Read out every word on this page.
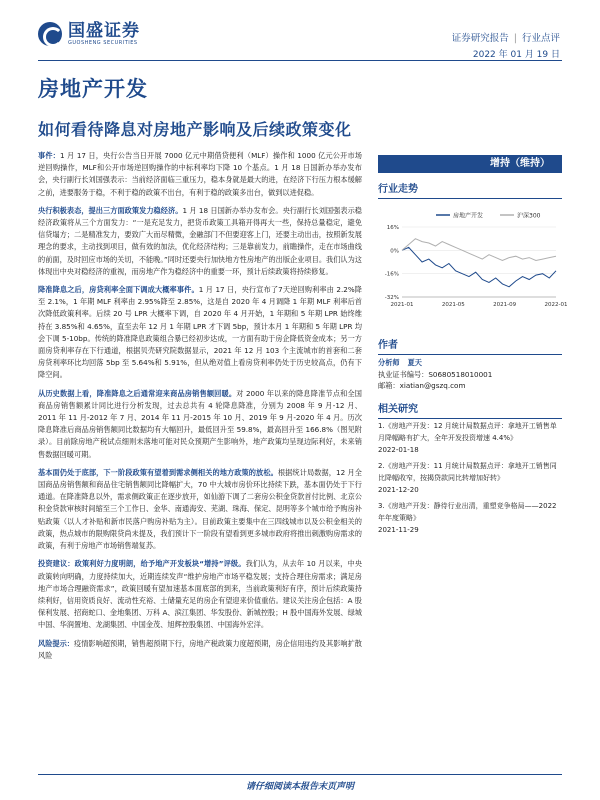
国盛证券
GUOSHENG SECURITIES	证券研究报告 | 行业点评
2022 年 01 月 19 日
房地产开发
如何看待降息对房地产影响及后续政策变化
事件：1 月 17 日，央行公告当日开展 7000 亿元中期借贷便利（MLF）操作和 1000 亿元公开市场逆回购操作，MLF和公开市场逆回购操作的中标利率均下降 10 个基点。1 月 18 日国新办举办发布会，央行副行长刘国强表示：当前经济面临三重压力，稳本身就是最大的进，在经济下行压力根本缓解之前，进要服务于稳，不利于稳的政策不出台，有利于稳的政策多出台，做到以进促稳。
央行积极表态，提出三方面政策发力稳经济。1 月 18 日国新办举办发布会。央行副行长刘国强表示稳经济政策将从三个方面发力：“一是充足发力，把货币政策工具箱开得再大一些，保持总量稳定，避免信贷塌方；二是精准发力，要致广大而尽精微，金融部门不但要迎客上门，还要主动出击，按照新发展理念的要求，主动找到项目，做有效的加法，优化经济结构；三是靠前发力，前瞻操作，走在市场曲线的前面，及时回应市场的关切，不能晚。”同时还要央行加快地方性房地产的出版企业项目。我们认为这体现出中央对稳经济的重视，而房地产作为稳经济中的重要一环，预计后续政策将持续修复。
降准降息之后，房贷利率全面下调成大概率事件。1 月 17 日，央行宣布了7天逆回购利率由 2.2%降至 2.1%，1 年期 MLF 利率由 2.95%降至 2.85%，这是自 2020 年 4 月调降 1 年期 MLF 利率后首次降低政策利率。后续 20 号 LPR 大概率下调，自 2020 年 4 月开始，1 年期和 5 年期 LPR 始终维持在 3.85%和 4.65%，直至去年 12 月 1 年期 LPR 才下调 5bp，预计本月 1 年期和 5 年期 LPR 均会下调 5-10bp。传统的降准降息政策组合暴已经初步达成，一方面有助于房企降低资金成本；另一方面房贷利率存在下行通道，根据贝壳研究院数据显示，2021 年 12 月 103 个主流城市的首套和二套房贷利率环比均回落 5bp 至 5.64%和 5.91%，但从绝对值上看房贷利率仍处于历史较高点，仍有下降空间。
从历史数据上看，降准降息之后通常迎来商品房销售额回暖。对 2000 年以来的降息降准节点和全国商品房销售额累计同比进行分析发现，过去总共有 4 轮降息降准，分别为 2008 年 9 月-12 月、2011 年 11 月-2012 年 7 月、2014 年 11 月-2015 年 10 月、2019 年 9 月-2020 年 4 月。历次降息降准后商品房销售额同比数据均有大幅回升，最低回升至 59.8%，最高回升至 166.8%（图见附录）。目前除房地产税试点细则未落地可能对民众预期产生影响外，地产政策均呈现边际利好，未来销售数据回暖可期。
基本面仍处于底部，下一阶段政策有望着到需求侧相关的地方政策的放松。根据统计局数据，12 月全国商品房销售额和商品住宅销售额同比降幅扩大，70 中大城市房价环比持续下跌，基本面仍处于下行通道。在降准降息以外，需求侧政策正在逐步放开，如仙游下调了二套房公积金贷款首付比例、北京公积金贷款审核时间缩至三个工作日、金华、南通海安、芜湖、珠海、保定、昆明等多个城市给予购房补贴政策（以人才补贴和新市民落户购房补贴为主）。目前政策主要集中在三四线城市以及公积金相关的政策，热点城市的限购限贷尚未提及，我们预计下一阶段有望看到更多城市政府将推出刺激购房需求的政策，有利于房地产市场销售端复苏。
投资建议：政策利好力度明朗，给予地产开发板块“增持”评级。我们认为，从去年 10 月以来，中央政策转向明确，力度持续加大，近期连续发声“维护房地产市场平稳发展；支持合理住房需求；满足房地产市场合理融资需求”，政策回暖有望加速基本面底部的到来，当前政策利好有序，预计后续政策持续利好，信用资质良好、流动性充裕、土储量充足的房企有望迎来价值重估。建议关注房企包括：A 股保利发展、招商蛇口、金地集团、万科 A、滨江集团、华发股份、新城控股；H 股中国海外发展、绿城中国、华润置地、龙湖集团、中国金茂、旭辉控股集团、中国海外宏洋。
风险提示：疫情影响超预期，销售超预期下行，房地产税政策力度超预期，房企信用违约及其影响扩散风险
增持（维持）
行业走势
房地产开发	沪深300
16%
0%
-16%
-32%
2021-01	2021-05	2021-09	2022-01
作者
分析师 夏天
执业证书编号：S0680518010001
邮箱：xiatian@gszq.com
相关研究
1.《房地产开发：12 月统计局数据点评：拿地开工销售单月降幅略有扩大，全年开发投资增速 4.4%》
2022-01-18
2.《房地产开发：11 月统计局数据点评：拿地开工销售同比降幅收窄，按揭贷款同比转增加好转》
2021-12-20
3.《房地产开发：静待行业出清，重塑竞争格局——2022 年年度策略》
2021-11-29
请仔细阅读本报告末页声明
